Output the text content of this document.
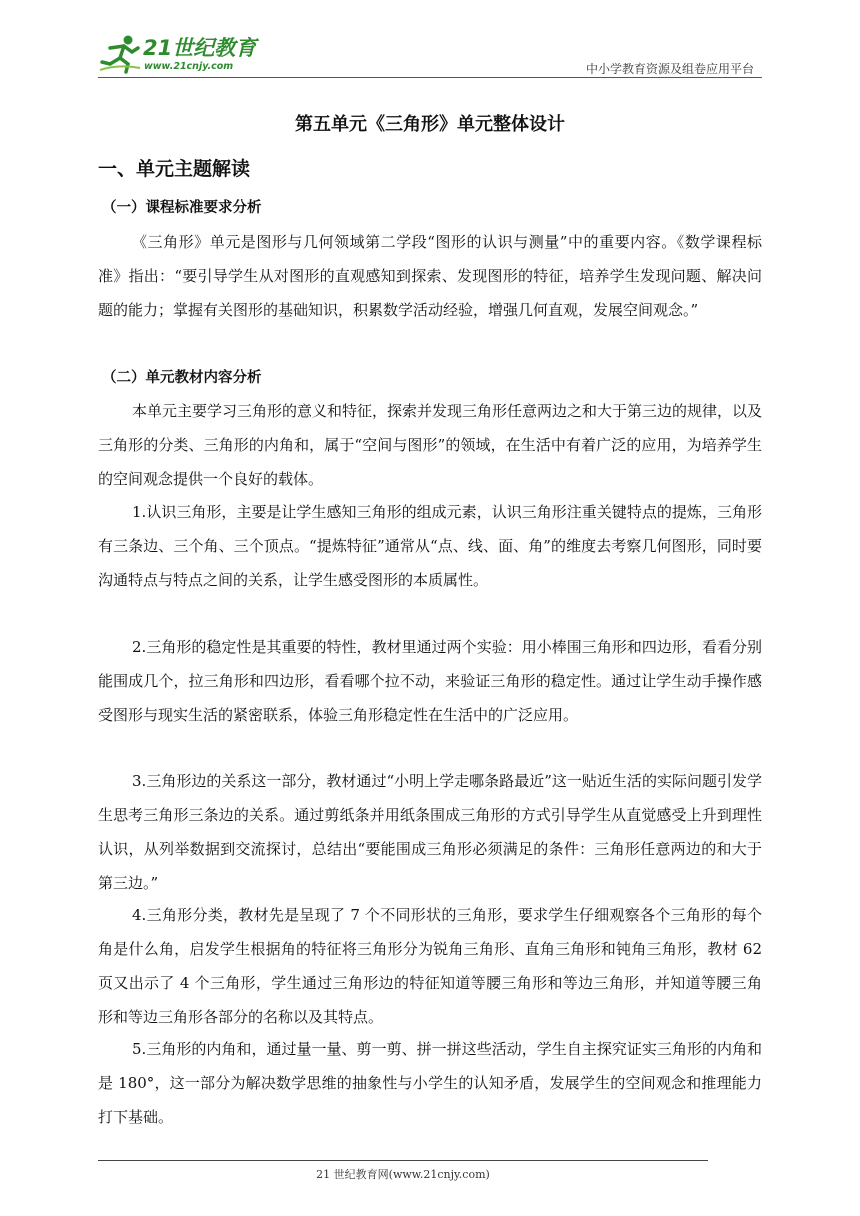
21世纪教育
www.21cnjy.com	中小学教育资源及组卷应用平台
第五单元《三角形》单元整体设计
一、单元主题解读
（一）课程标准要求分析

《三角形》单元是图形与几何领域第二学段“图形的认识与测量”中的重要内容。《数学课程标准》指出：“要引导学生从对图形的直观感知到探索、发现图形的特征，培养学生发现问题、解决问题的能力；掌握有关图形的基础知识，积累数学活动经验，增强几何直观，发展空间观念。”

（二）单元教材内容分析

本单元主要学习三角形的意义和特征，探索并发现三角形任意两边之和大于第三边的规律，以及三角形的分类、三角形的内角和，属于“空间与图形”的领域，在生活中有着广泛的应用，为培养学生的空间观念提供一个良好的载体。

1.认识三角形，主要是让学生感知三角形的组成元素，认识三角形注重关键特点的提炼，三角形有三条边、三个角、三个顶点。“提炼特征”通常从“点、线、面、角”的维度去考察几何图形，同时要沟通特点与特点之间的关系，让学生感受图形的本质属性。

2.三角形的稳定性是其重要的特性，教材里通过两个实验：用小棒围三角形和四边形，看看分别能围成几个，拉三角形和四边形，看看哪个拉不动，来验证三角形的稳定性。通过让学生动手操作感受图形与现实生活的紧密联系，体验三角形稳定性在生活中的广泛应用。

3.三角形边的关系这一部分，教材通过“小明上学走哪条路最近”这一贴近生活的实际问题引发学生思考三角形三条边的关系。通过剪纸条并用纸条围成三角形的方式引导学生从直觉感受上升到理性认识，从列举数据到交流探讨，总结出“要能围成三角形必须满足的条件：三角形任意两边的和大于第三边。”

4.三角形分类，教材先是呈现了 7 个不同形状的三角形，要求学生仔细观察各个三角形的每个角是什么角，启发学生根据角的特征将三角形分为锐角三角形、直角三角形和钝角三角形，教材 62 页又出示了 4 个三角形，学生通过三角形边的特征知道等腰三角形和等边三角形，并知道等腰三角形和等边三角形各部分的名称以及其特点。

5.三角形的内角和，通过量一量、剪一剪、拼一拼这些活动，学生自主探究证实三角形的内角和是 180°，这一部分为解决数学思维的抽象性与小学生的认知矛盾，发展学生的空间观念和推理能力打下基础。

21 世纪教育网(www.21cnjy.com)
